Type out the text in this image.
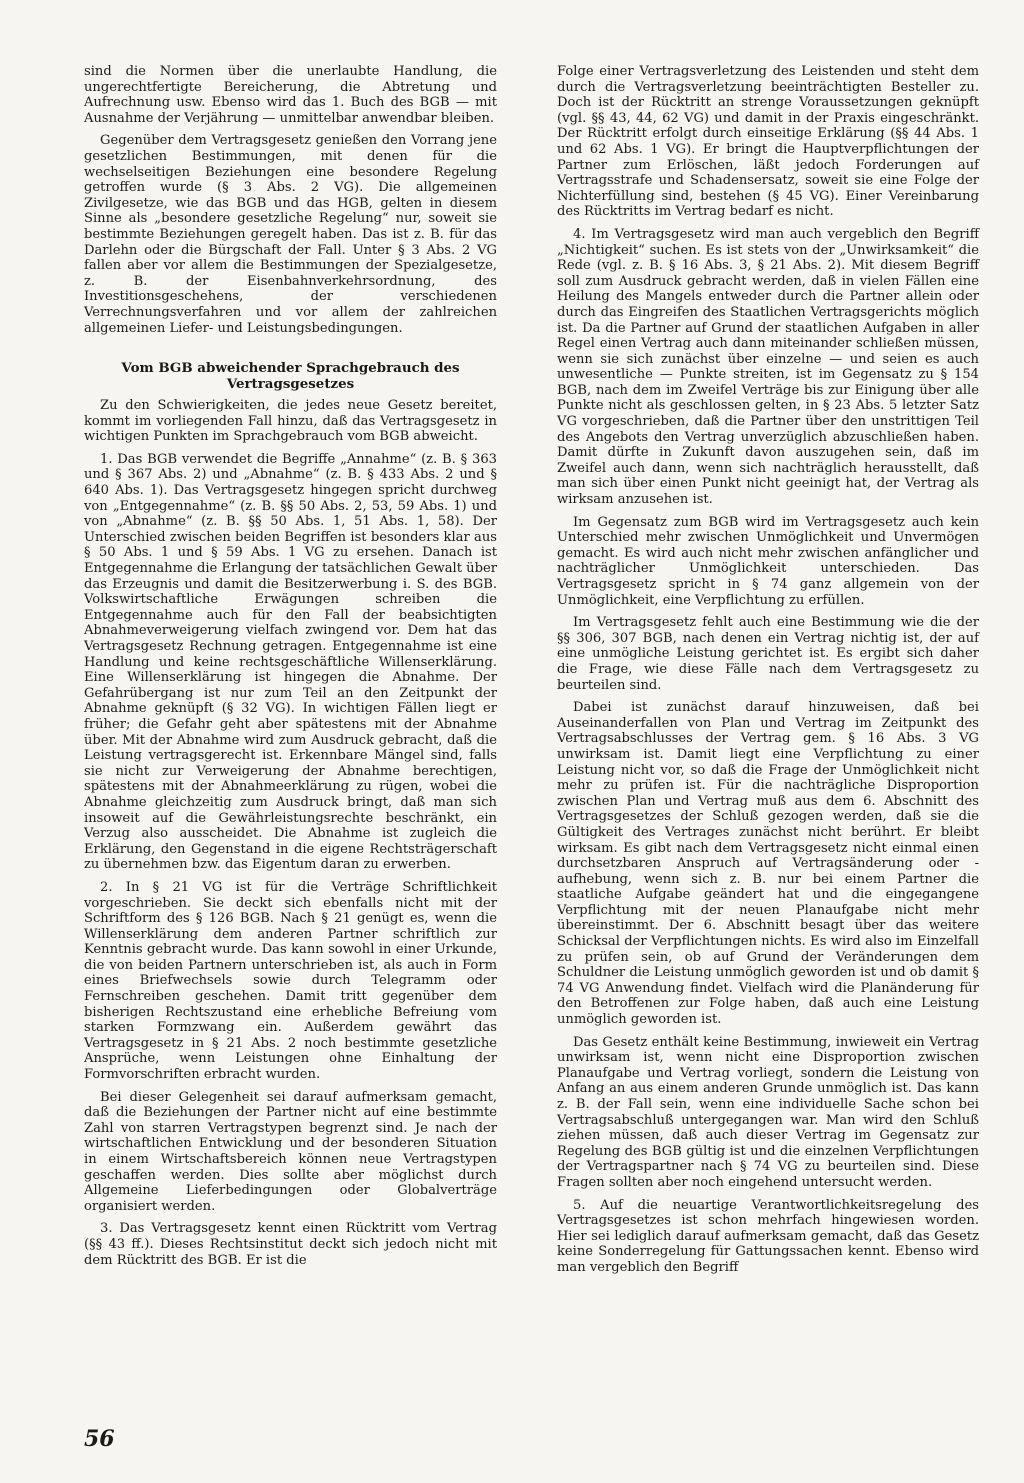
sind die Normen über die unerlaubte Handlung, die ungerechtfertigte Bereicherung, die Abtretung und Aufrechnung usw. Ebenso wird das 1. Buch des BGB — mit Ausnahme der Verjährung — unmittelbar anwendbar bleiben.

Gegenüber dem Vertragsgesetz genießen den Vorrang jene gesetzlichen Bestimmungen, mit denen für die wechselseitigen Beziehungen eine besondere Regelung getroffen wurde (§ 3 Abs. 2 VG). Die allgemeinen Zivilgesetze, wie das BGB und das HGB, gelten in diesem Sinne als „besondere gesetzliche Regelung“ nur, soweit sie bestimmte Beziehungen geregelt haben. Das ist z. B. für das Darlehn oder die Bürgschaft der Fall. Unter § 3 Abs. 2 VG fallen aber vor allem die Bestimmungen der Spezialgesetze, z. B. der Eisenbahnverkehrsordnung, des Investitionsgeschehens, der verschiedenen Verrechnungsverfahren und vor allem der zahlreichen allgemeinen Liefer- und Leistungsbedingungen.

Vom BGB abweichender Sprachgebrauch des Vertragsgesetzes

Zu den Schwierigkeiten, die jedes neue Gesetz bereitet, kommt im vorliegenden Fall hinzu, daß das Vertragsgesetz in wichtigen Punkten im Sprachgebrauch vom BGB abweicht.

1. Das BGB verwendet die Begriffe „Annahme“ (z. B. § 363 und § 367 Abs. 2) und „Abnahme“ (z. B. § 433 Abs. 2 und § 640 Abs. 1). Das Vertragsgesetz hingegen spricht durchweg von „Entgegennahme“ (z. B. §§ 50 Abs. 2, 53, 59 Abs. 1) und von „Abnahme“ (z. B. §§ 50 Abs. 1, 51 Abs. 1, 58). Der Unterschied zwischen beiden Begriffen ist besonders klar aus § 50 Abs. 1 und § 59 Abs. 1 VG zu ersehen. Danach ist Entgegennahme die Erlangung der tatsächlichen Gewalt über das Erzeugnis und damit die Besitzerwerbung i. S. des BGB. Volkswirtschaftliche Erwägungen schreiben die Entgegennahme auch für den Fall der beabsichtigten Abnahmeverweigerung vielfach zwingend vor. Dem hat das Vertragsgesetz Rechnung getragen. Entgegennahme ist eine Handlung und keine rechtsgeschäftliche Willenserklärung. Eine Willenserklärung ist hingegen die Abnahme. Der Gefahrübergang ist nur zum Teil an den Zeitpunkt der Abnahme geknüpft (§ 32 VG). In wichtigen Fällen liegt er früher; die Gefahr geht aber spätestens mit der Abnahme über. Mit der Abnahme wird zum Ausdruck gebracht, daß die Leistung vertragsgerecht ist. Erkennbare Mängel sind, falls sie nicht zur Verweigerung der Abnahme berechtigen, spätestens mit der Abnahmeerklärung zu rügen, wobei die Abnahme gleichzeitig zum Ausdruck bringt, daß man sich insoweit auf die Gewährleistungsrechte beschränkt, ein Verzug also ausscheidet. Die Abnahme ist zugleich die Erklärung, den Gegenstand in die eigene Rechtsträgerschaft zu übernehmen bzw. das Eigentum daran zu erwerben.

2. In § 21 VG ist für die Verträge Schriftlichkeit vorgeschrieben. Sie deckt sich ebenfalls nicht mit der Schriftform des § 126 BGB. Nach § 21 genügt es, wenn die Willenserklärung dem anderen Partner schriftlich zur Kenntnis gebracht wurde. Das kann sowohl in einer Urkunde, die von beiden Partnern unterschrieben ist, als auch in Form eines Briefwechsels sowie durch Telegramm oder Fernschreiben geschehen. Damit tritt gegenüber dem bisherigen Rechtszustand eine erhebliche Befreiung vom starken Formzwang ein. Außerdem gewährt das Vertragsgesetz in § 21 Abs. 2 noch bestimmte gesetzliche Ansprüche, wenn Leistungen ohne Einhaltung der Formvorschriften erbracht wurden.

Bei dieser Gelegenheit sei darauf aufmerksam gemacht, daß die Beziehungen der Partner nicht auf eine bestimmte Zahl von starren Vertragstypen begrenzt sind. Je nach der wirtschaftlichen Entwicklung und der besonderen Situation in einem Wirtschaftsbereich können neue Vertragstypen geschaffen werden. Dies sollte aber möglichst durch Allgemeine Lieferbedingungen oder Globalverträge organisiert werden.

3. Das Vertragsgesetz kennt einen Rücktritt vom Vertrag (§§ 43 ff.). Dieses Rechtsinstitut deckt sich jedoch nicht mit dem Rücktritt des BGB. Er ist die

Folge einer Vertragsverletzung des Leistenden und steht dem durch die Vertragsverletzung beeinträchtigten Besteller zu. Doch ist der Rücktritt an strenge Voraussetzungen geknüpft (vgl. §§ 43, 44, 62 VG) und damit in der Praxis eingeschränkt. Der Rücktritt erfolgt durch einseitige Erklärung (§§ 44 Abs. 1 und 62 Abs. 1 VG). Er bringt die Hauptverpflichtungen der Partner zum Erlöschen, läßt jedoch Forderungen auf Vertragsstrafe und Schadensersatz, soweit sie eine Folge der Nichterfüllung sind, bestehen (§ 45 VG). Einer Vereinbarung des Rücktritts im Vertrag bedarf es nicht.

4. Im Vertragsgesetz wird man auch vergeblich den Begriff „Nichtigkeit“ suchen. Es ist stets von der „Unwirksamkeit“ die Rede (vgl. z. B. § 16 Abs. 3, § 21 Abs. 2). Mit diesem Begriff soll zum Ausdruck gebracht werden, daß in vielen Fällen eine Heilung des Mangels entweder durch die Partner allein oder durch das Eingreifen des Staatlichen Vertragsgerichts möglich ist. Da die Partner auf Grund der staatlichen Aufgaben in aller Regel einen Vertrag auch dann miteinander schließen müssen, wenn sie sich zunächst über einzelne — und seien es auch unwesentliche — Punkte streiten, ist im Gegensatz zu § 154 BGB, nach dem im Zweifel Verträge bis zur Einigung über alle Punkte nicht als geschlossen gelten, in § 23 Abs. 5 letzter Satz VG vorgeschrieben, daß die Partner über den unstrittigen Teil des Angebots den Vertrag unverzüglich abzuschließen haben. Damit dürfte in Zukunft davon auszugehen sein, daß im Zweifel auch dann, wenn sich nachträglich herausstellt, daß man sich über einen Punkt nicht geeinigt hat, der Vertrag als wirksam anzusehen ist.

Im Gegensatz zum BGB wird im Vertragsgesetz auch kein Unterschied mehr zwischen Unmöglichkeit und Unvermögen gemacht. Es wird auch nicht mehr zwischen anfänglicher und nachträglicher Unmöglichkeit unterschieden. Das Vertragsgesetz spricht in § 74 ganz allgemein von der Unmöglichkeit, eine Verpflichtung zu erfüllen.

Im Vertragsgesetz fehlt auch eine Bestimmung wie die der §§ 306, 307 BGB, nach denen ein Vertrag nichtig ist, der auf eine unmögliche Leistung gerichtet ist. Es ergibt sich daher die Frage, wie diese Fälle nach dem Vertragsgesetz zu beurteilen sind.

Dabei ist zunächst darauf hinzuweisen, daß bei Auseinanderfallen von Plan und Vertrag im Zeitpunkt des Vertragsabschlusses der Vertrag gem. § 16 Abs. 3 VG unwirksam ist. Damit liegt eine Verpflichtung zu einer Leistung nicht vor, so daß die Frage der Unmöglichkeit nicht mehr zu prüfen ist. Für die nachträgliche Disproportion zwischen Plan und Vertrag muß aus dem 6. Abschnitt des Vertragsgesetzes der Schluß gezogen werden, daß sie die Gültigkeit des Vertrages zunächst nicht berührt. Er bleibt wirksam. Es gibt nach dem Vertragsgesetz nicht einmal einen durchsetzbaren Anspruch auf Vertragsänderung oder -aufhebung, wenn sich z. B. nur bei einem Partner die staatliche Aufgabe geändert hat und die eingegangene Verpflichtung mit der neuen Planaufgabe nicht mehr übereinstimmt. Der 6. Abschnitt besagt über das weitere Schicksal der Verpflichtungen nichts. Es wird also im Einzelfall zu prüfen sein, ob auf Grund der Veränderungen dem Schuldner die Leistung unmöglich geworden ist und ob damit § 74 VG Anwendung findet. Vielfach wird die Planänderung für den Betroffenen zur Folge haben, daß auch eine Leistung unmöglich geworden ist.

Das Gesetz enthält keine Bestimmung, inwieweit ein Vertrag unwirksam ist, wenn nicht eine Disproportion zwischen Planaufgabe und Vertrag vorliegt, sondern die Leistung von Anfang an aus einem anderen Grunde unmöglich ist. Das kann z. B. der Fall sein, wenn eine individuelle Sache schon bei Vertragsabschluß untergegangen war. Man wird den Schluß ziehen müssen, daß auch dieser Vertrag im Gegensatz zur Regelung des BGB gültig ist und die einzelnen Verpflichtungen der Vertragspartner nach § 74 VG zu beurteilen sind. Diese Fragen sollten aber noch eingehend untersucht werden.

5. Auf die neuartige Verantwortlichkeitsregelung des Vertragsgesetzes ist schon mehrfach hingewiesen worden. Hier sei lediglich darauf aufmerksam gemacht, daß das Gesetz keine Sonderregelung für Gattungssachen kennt. Ebenso wird man vergeblich den Begriff

56
